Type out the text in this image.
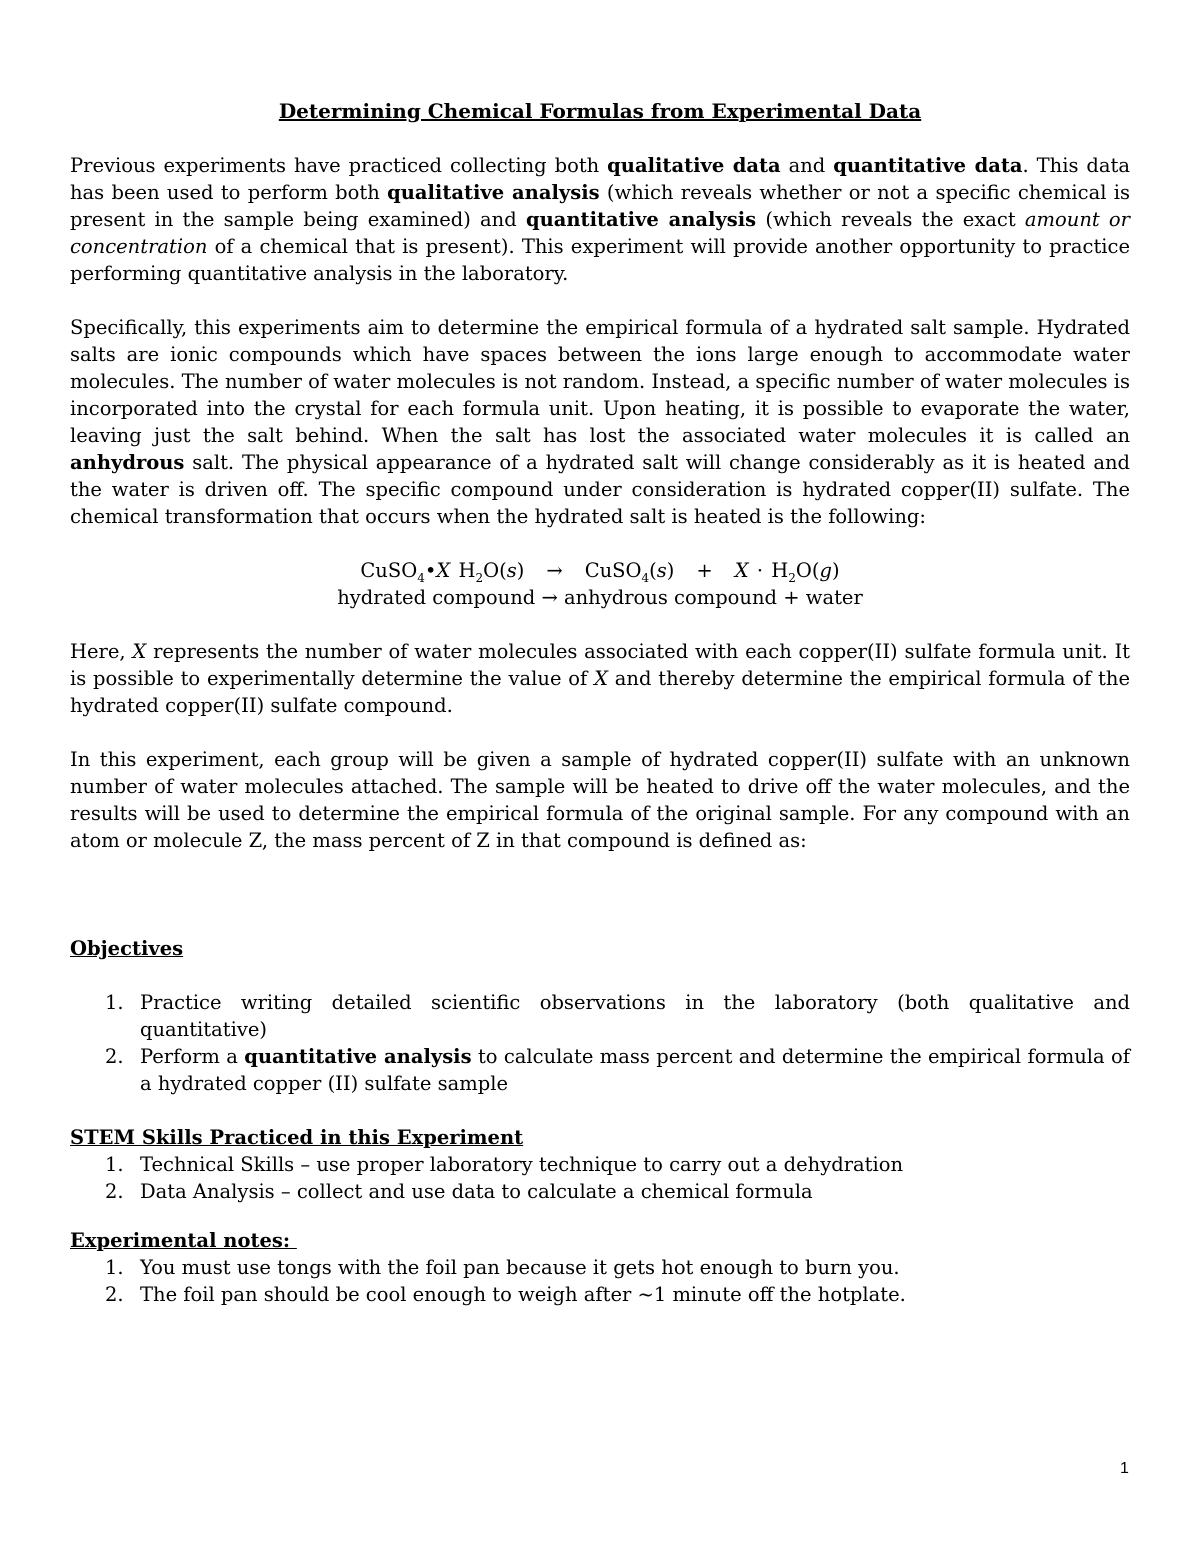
Determining Chemical Formulas from Experimental Data

Previous experiments have practiced collecting both qualitative data and quantitative data. This data has been used to perform both qualitative analysis (which reveals whether or not a specific chemical is present in the sample being examined) and quantitative analysis (which reveals the exact amount or concentration of a chemical that is present). This experiment will provide another opportunity to practice performing quantitative analysis in the laboratory.

Specifically, this experiments aim to determine the empirical formula of a hydrated salt sample. Hydrated salts are ionic compounds which have spaces between the ions large enough to accommodate water molecules. The number of water molecules is not random. Instead, a specific number of water molecules is incorporated into the crystal for each formula unit. Upon heating, it is possible to evaporate the water, leaving just the salt behind. When the salt has lost the associated water molecules it is called an anhydrous salt. The physical appearance of a hydrated salt will change considerably as it is heated and the water is driven off. The specific compound under consideration is hydrated copper(II) sulfate. The chemical transformation that occurs when the hydrated salt is heated is the following:

CuSO$_4$•X $H_2O(s)$ → CuSO$_4$(s) + $X \cdot H_2O(g)$
hydrated compound → anhydrous compound + water

Here, X represents the number of water molecules associated with each copper(II) sulfate formula unit. It is possible to experimentally determine the value of X and thereby determine the empirical formula of the hydrated copper(II) sulfate compound.

In this experiment, each group will be given a sample of hydrated copper(II) sulfate with an unknown number of water molecules attached. The sample will be heated to drive off the water molecules, and the results will be used to determine the empirical formula of the original sample. For any compound with an atom or molecule Z, the mass percent of Z in that compound is defined as:

Objectives
1. Practice writing detailed scientific observations in the laboratory (both qualitative and quantitative)
2. Perform a quantitative analysis to calculate mass percent and determine the empirical formula of a hydrated copper (II) sulfate sample
STEM Skills Practiced in this Experiment
1. Technical Skills – use proper laboratory technique to carry out a dehydration
2. Data Analysis – collect and use data to calculate a chemical formula
Experimental notes:
1. You must use tongs with the foil pan because it gets hot enough to burn you.
2. The foil pan should be cool enough to weigh after ~1 minute off the hotplate.
1
